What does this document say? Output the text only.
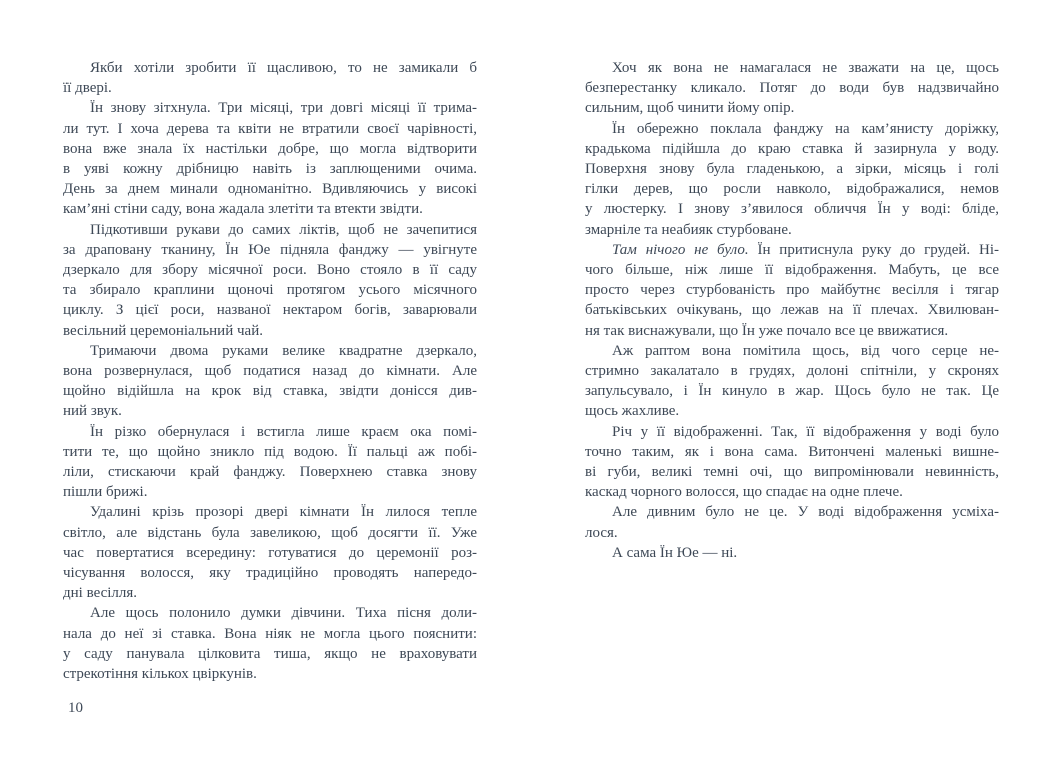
Якби хотіли зробити її щасливою, то не замикали б
її двері.
Їн знову зітхнула. Три місяці, три довгі місяці її трима-
ли тут. І хоча дерева та квіти не втратили своєї чарівності,
вона вже знала їх настільки добре, що могла відтворити
в уяві кожну дрібницю навіть із заплющеними очима.
День за днем минали одноманітно. Вдивляючись у високі
кам’яні стіни саду, вона жадала злетіти та втекти звідти.
Підкотивши рукави до самих ліктів, щоб не зачепитися
за драповану тканину, Їн Юе підняла фанджу — увігнуте
дзеркало для збору місячної роси. Воно стояло в її саду
та збирало краплини щоночі протягом усього місячного
циклу. З цієї роси, названої нектаром богів, заварювали
весільний церемоніальний чай.
Тримаючи двома руками велике квадратне дзеркало,
вона розвернулася, щоб податися назад до кімнати. Але
щойно відійшла на крок від ставка, звідти донісся див-
ний звук.
Їн різко обернулася і встигла лише краєм ока помі-
тити те, що щойно зникло під водою. Її пальці аж побі-
ліли, стискаючи край фанджу. Поверхнею ставка знову
пішли брижі.
Удалині крізь прозорі двері кімнати Їн лилося тепле
світло, але відстань була завеликою, щоб досягти її. Уже
час повертатися всередину: готуватися до церемонії роз-
чісування волосся, яку традиційно проводять напередо-
дні весілля.
Але щось полонило думки дівчини. Тиха пісня доли-
нала до неї зі ставка. Вона ніяк не могла цього пояснити:
у саду панувала цілковита тиша, якщо не враховувати
стрекотіння кількох цвіркунів.
Хоч як вона не намагалася не зважати на це, щось
безперестанку кликало. Потяг до води був надзвичайно
сильним, щоб чинити йому опір.
Їн обережно поклала фанджу на кам’янисту доріжку,
крадькома підійшла до краю ставка й зазирнула у воду.
Поверхня знову була гладенькою, а зірки, місяць і голі
гілки дерев, що росли навколо, відображалися, немов
у люстерку. І знову з’явилося обличчя Їн у воді: бліде,
змарніле та неабияк стурбоване.
Там нічого не було. Їн притиснула руку до грудей. Ні-
чого більше, ніж лише її відображення. Мабуть, це все
просто через стурбованість про майбутнє весілля і тягар
батьківських очікувань, що лежав на її плечах. Хвилюван-
ня так виснажували, що Їн уже почало все це ввижатися.
Аж раптом вона помітила щось, від чого серце не-
стримно закалатало в грудях, долоні спітніли, у скронях
запульсувало, і Їн кинуло в жар. Щось було не так. Це
щось жахливе.
Річ у її відображенні. Так, її відображення у воді було
точно таким, як і вона сама. Витончені маленькі вишне-
ві губи, великі темні очі, що випромінювали невинність,
каскад чорного волосся, що спадає на одне плече.
Але дивним було не це. У воді відображення усміха-
лося.
А сама Їн Юе — ні.
10
